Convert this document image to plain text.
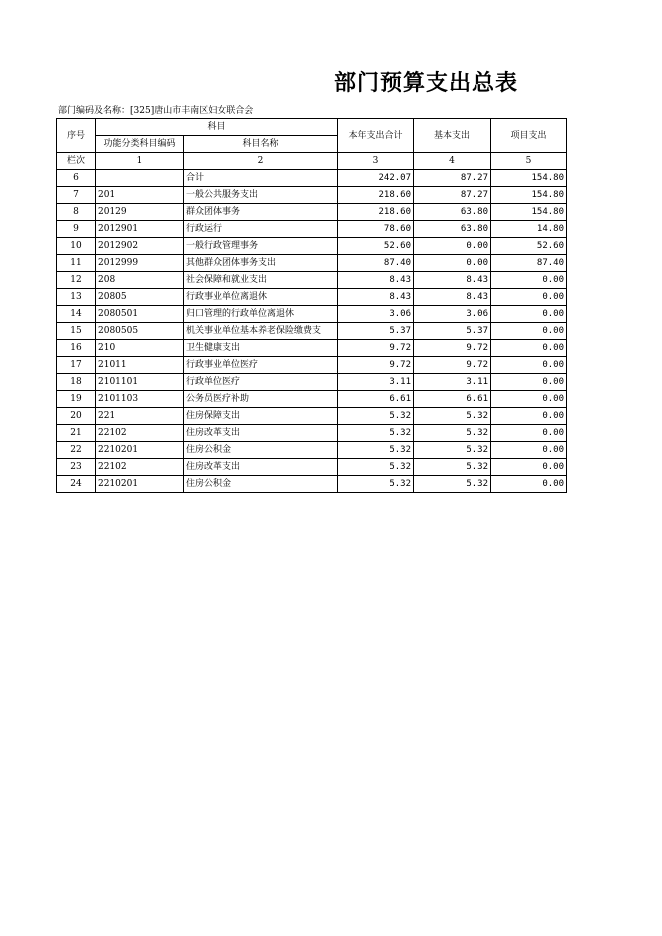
部门预算支出总表
部门编码及名称：[325]唐山市丰南区妇女联合会
序号	科目		本年支出合计	基本支出	项目支出
	功能分类科目编码	科目名称			
栏次	1	2	3	4	5
6		合计	242.07	87.27	154.80
7	201	一般公共服务支出	218.60	87.27	154.80
8	20129	群众团体事务	218.60	63.80	154.80
9	2012901	行政运行	78.60	63.80	14.80
10	2012902	一般行政管理事务	52.60	0.00	52.60
11	2012999	其他群众团体事务支出	87.40	0.00	87.40
12	208	社会保障和就业支出	8.43	8.43	0.00
13	20805	行政事业单位离退休	8.43	8.43	0.00
14	2080501	归口管理的行政单位离退休	3.06	3.06	0.00
15	2080505	机关事业单位基本养老保险缴费支	5.37	5.37	0.00
16	210	卫生健康支出	9.72	9.72	0.00
17	21011	行政事业单位医疗	9.72	9.72	0.00
18	2101101	行政单位医疗	3.11	3.11	0.00
19	2101103	公务员医疗补助	6.61	6.61	0.00
20	221	住房保障支出	5.32	5.32	0.00
21	22102	住房改革支出	5.32	5.32	0.00
22	2210201	住房公积金	5.32	5.32	0.00
23	22102	住房改革支出	5.32	5.32	0.00
24	2210201	住房公积金	5.32	5.32	0.00
